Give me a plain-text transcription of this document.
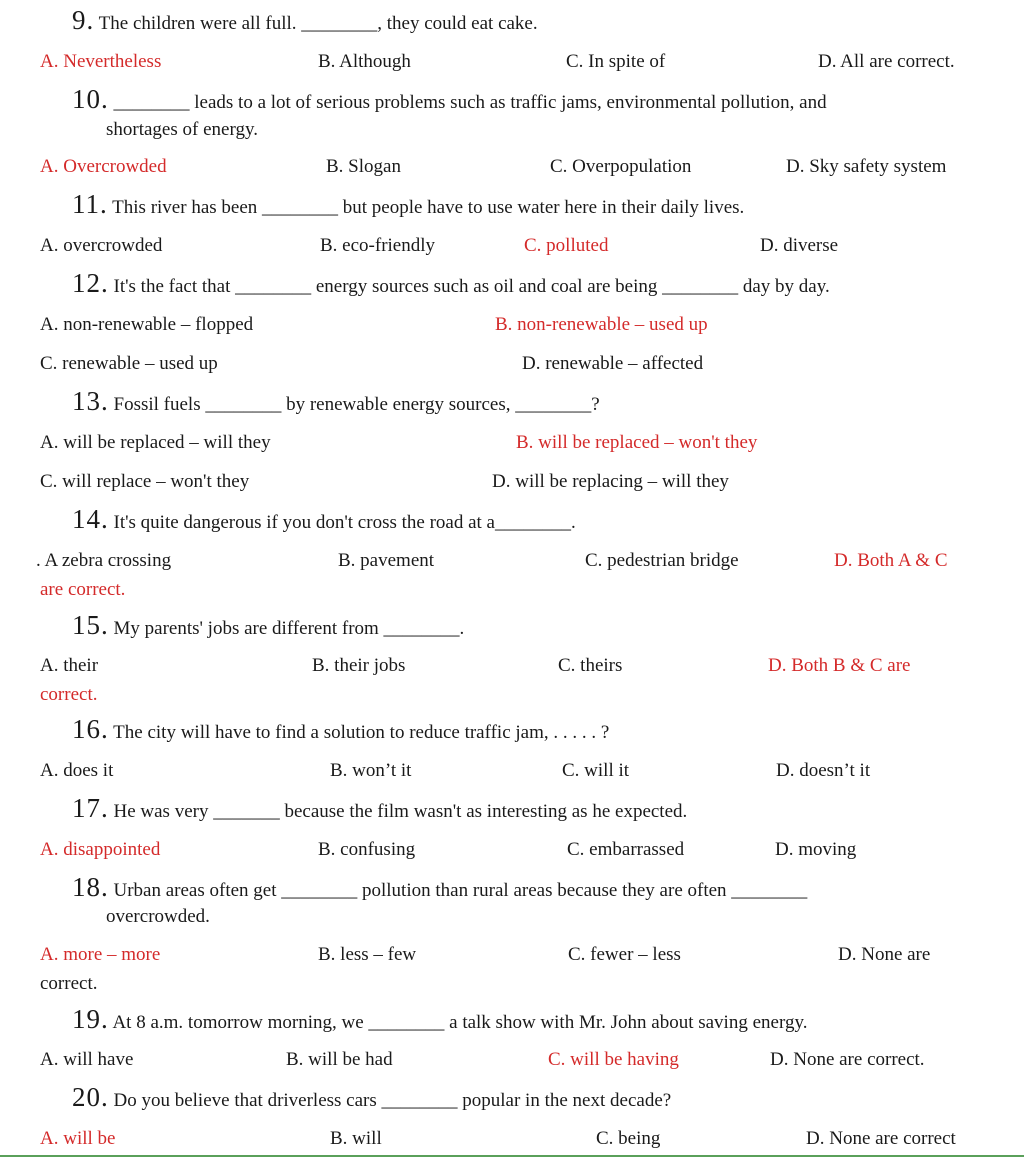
9. The children were all full. ________, they could eat cake.
A. Nevertheless	B. Although	C. In spite of	D. All are correct.
10. ________ leads to a lot of serious problems such as traffic jams, environmental pollution, and
shortages of energy.
A. Overcrowded	B. Slogan	C. Overpopulation	D. Sky safety system
11. This river has been ________ but people have to use water here in their daily lives.
A. overcrowded	B. eco-friendly	C. polluted	D. diverse
12. It's the fact that ________ energy sources such as oil and coal are being ________ day by day.
A. non-renewable – flopped	B. non-renewable – used up
C. renewable – used up	D. renewable – affected
13. Fossil fuels ________ by renewable energy sources, ________?
A. will be replaced – will they	B. will be replaced – won't they
C. will replace – won't they	D. will be replacing – will they
14. It's quite dangerous if you don't cross the road at a________.
. A zebra crossing	B. pavement	C. pedestrian bridge	D. Both A & C
are correct.
15. My parents' jobs are different from ________.
A. their	B. their jobs	C. theirs	D. Both B & C are
correct.
16. The city will have to find a solution to reduce traffic jam, . . . . . ?
A. does it	B. won’t it	C. will it	D. doesn’t it
17. He was very _______ because the film wasn't as interesting as he expected.
A. disappointed	B. confusing	C. embarrassed	D. moving
18. Urban areas often get ________ pollution than rural areas because they are often ________
overcrowded.
A. more – more	B. less – few	C. fewer – less	D. None are
correct.
19. At 8 a.m. tomorrow morning, we ________ a talk show with Mr. John about saving energy.
A. will have	B. will be had	C. will be having	D. None are correct.
20. Do you believe that driverless cars ________ popular in the next decade?
A. will be	B. will	C. being	D. None are correct
